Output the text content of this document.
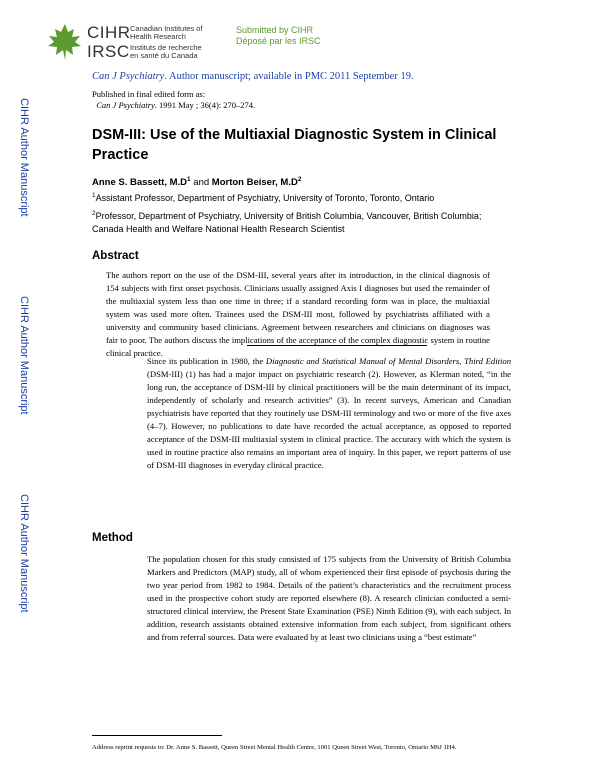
CIHR
IRSC
Canadian Institutes of
Health Research
Instituts de recherche
en santé du Canada
Submitted by CIHR
Déposé par les IRSC
Can J Psychiatry. Author manuscript; available in PMC 2011 September 19.
Published in final edited form as:
Can J Psychiatry. 1991 May ; 36(4): 270–274.
CIHR Author Manuscript
CIHR Author Manuscript
CIHR Author Manuscript
DSM-III: Use of the Multiaxial Diagnostic System in Clinical Practice
Anne S. Bassett, $M.D^1$ and Morton Beiser, $M.D^2$
$^1$Assistant Professor, Department of Psychiatry, University of Toronto, Toronto, Ontario
$^2$Professor, Department of Psychiatry, University of British Columbia, Vancouver, British Columbia; Canada Health and Welfare National Health Research Scientist
Abstract
The authors report on the use of the DSM-III, several years after its introduction, in the clinical diagnosis of 154 subjects with first onset psychosis. Clinicians usually assigned Axis I diagnoses but used the remainder of the multiaxial system less than one time in three; if a standard recording form was in place, the multiaxial system was used more often. Trainees used the DSM-III most, followed by psychiatrists affiliated with a university and community based clinicians. Agreement between researchers and clinicians on diagnoses was fair to poor. The authors discuss the implications of the acceptance of the complex diagnostic system in routine clinical practice.
Since its publication in 1980, the Diagnostic and Statistical Manual of Mental Disorders, Third Edition (DSM-III) (1) has had a major impact on psychiatric research (2). However, as Klerman noted, “in the long run, the acceptance of DSM-III by clinical practitioners will be the main determinant of its impact, independently of scholarly and research activities” (3). In recent surveys, American and Canadian psychiatrists have reported that they routinely use DSM-III terminology and two or more of the five axes (4–7). However, no publications to date have recorded the actual acceptance, as opposed to reported acceptance of the DSM-III multiaxial system in clinical practice. The accuracy with which the system is used in routine practice also remains an important area of inquiry. In this paper, we report patterns of use of DSM-III diagnoses in everyday clinical practice.
Method
The population chosen for this study consisted of 175 subjects from the University of British Columbia Markers and Predictors (MAP) study, all of whom experienced their first episode of psychosis during the two year period from 1982 to 1984. Details of the patient’s characteristics and the recruitment process used in the prospective cohort study are reported elsewhere (8). A research clinician conducted a semi-structured clinical interview, the Present State Examination (PSE) Ninth Edition (9), with each subject. In addition, research assistants obtained extensive information from each subject, from significant others and from referral sources. Data were evaluated by at least two clinicians using a “best estimate”
Address reprint requests to: Dr. Anne S. Bassett, Queen Street Mental Health Centre, 1001 Queen Street West, Toronto, Ontario M6J 1H4.
